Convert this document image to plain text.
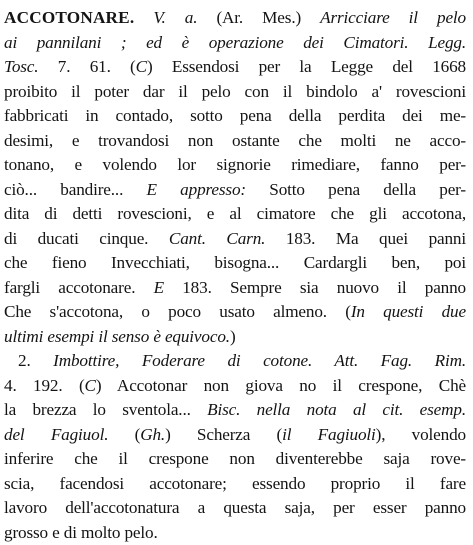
ACCOTONARE. V. a. (Ar. Mes.) Arricciare il pelo
ai pannilani ; ed è operazione dei Cimatori. Legg.
Tosc. 7. 61. (C) Essendosi per la Legge del 1668
proibito il poter dar il pelo con il bindolo a' rovescioni
fabbricati in contado, sotto pena della perdita dei me-
desimi, e trovandosi non ostante che molti ne acco-
tonano, e volendo lor signorie rimediare, fanno per-
ciò... bandire... E appresso: Sotto pena della per-
dita di detti rovescioni, e al cimatore che gli accotona,
di ducati cinque. Cant. Carn. 183. Ma quei panni
che fieno Invecchiati, bisogna... Cardargli ben, poi
fargli accotonare. E 183. Sempre sia nuovo il panno
Che s'accotona, o poco usato almeno. (In questi due
ultimi esempi il senso è equivoco.)
2. Imbottire, Foderare di cotone. Att. Fag. Rim.
4. 192. (C) Accotonar non giova no il crespone, Chè
la brezza lo sventola... Bisc. nella nota al cit. esemp.
del Fagiuol. (Gh.) Scherza (il Fagiuoli), volendo
inferire che il crespone non diventerebbe saja rove-
scia, facendosi accotonare; essendo proprio il fare
lavoro dell'accotonatura a questa saja, per esser panno
grosso e di molto pelo.
